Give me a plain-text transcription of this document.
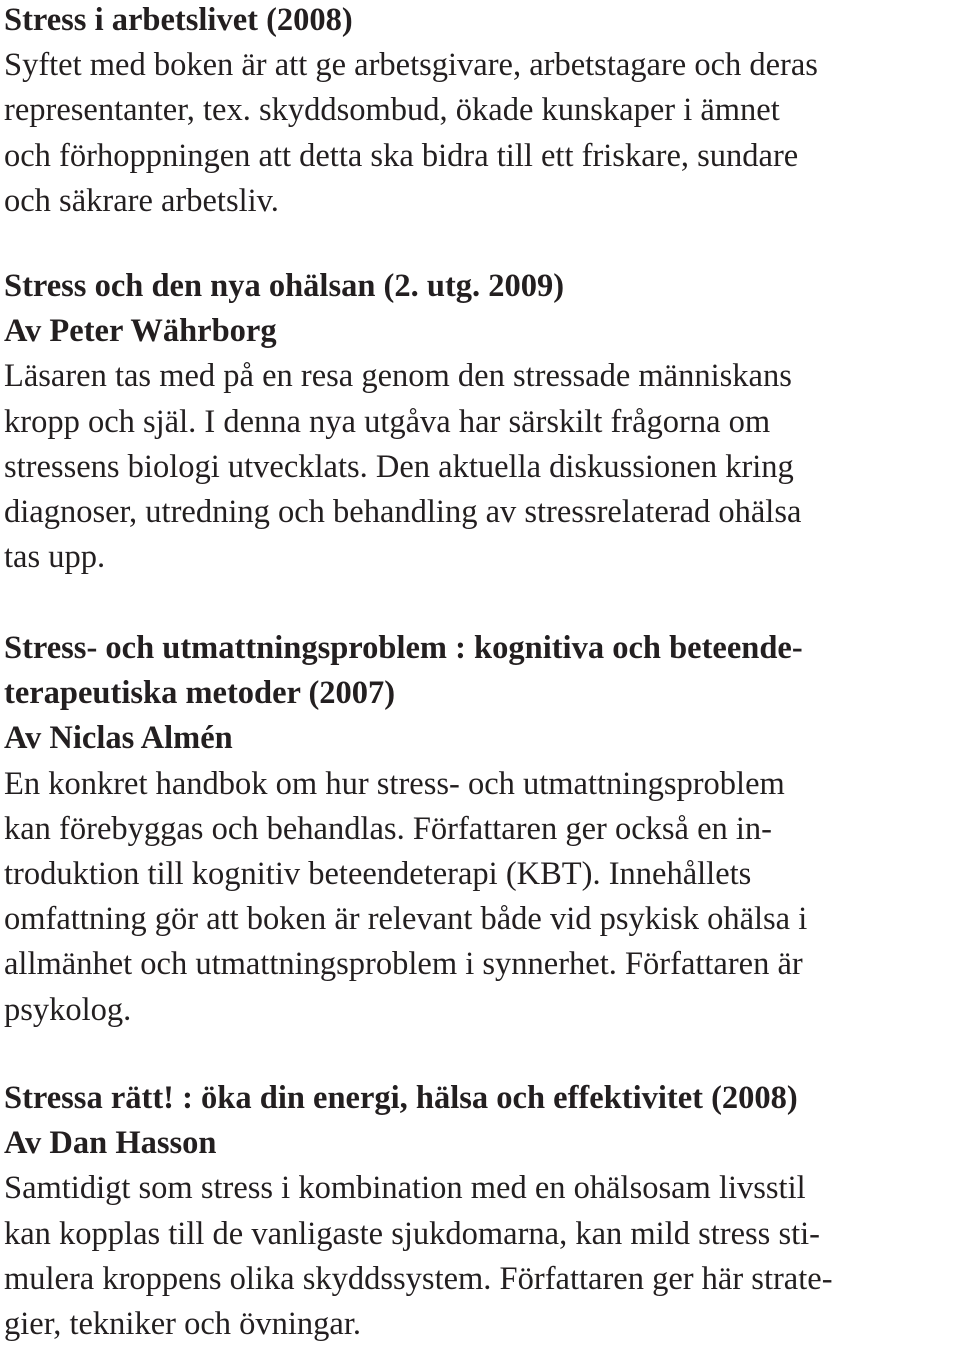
Stress i arbetslivet (2008)
Syftet med boken är att ge arbetsgivare, arbetstagare och deras
representanter, tex. skyddsombud, ökade kunskaper i ämnet
och förhoppningen att detta ska bidra till ett friskare, sundare
och säkrare arbetsliv.
Stress och den nya ohälsan (2. utg. 2009)
Av Peter Währborg
Läsaren tas med på en resa genom den stressade människans
kropp och själ. I denna nya utgåva har särskilt frågorna om
stressens biologi utvecklats. Den aktuella diskussionen kring
diagnoser, utredning och behandling av stressrelaterad ohälsa
tas upp.
Stress- och utmattningsproblem : kognitiva och beteende-
terapeutiska metoder (2007)
Av Niclas Almén
En konkret handbok om hur stress- och utmattningsproblem
kan förebyggas och behandlas. Författaren ger också en in-
troduktion till kognitiv beteendeterapi (KBT). Innehållets
omfattning gör att boken är relevant både vid psykisk ohälsa i
allmänhet och utmattningsproblem i synnerhet. Författaren är
psykolog.
Stressa rätt! : öka din energi, hälsa och effektivitet (2008)
Av Dan Hasson
Samtidigt som stress i kombination med en ohälsosam livsstil
kan kopplas till de vanligaste sjukdomarna, kan mild stress sti-
mulera kroppens olika skyddssystem. Författaren ger här strate-
gier, tekniker och övningar.
